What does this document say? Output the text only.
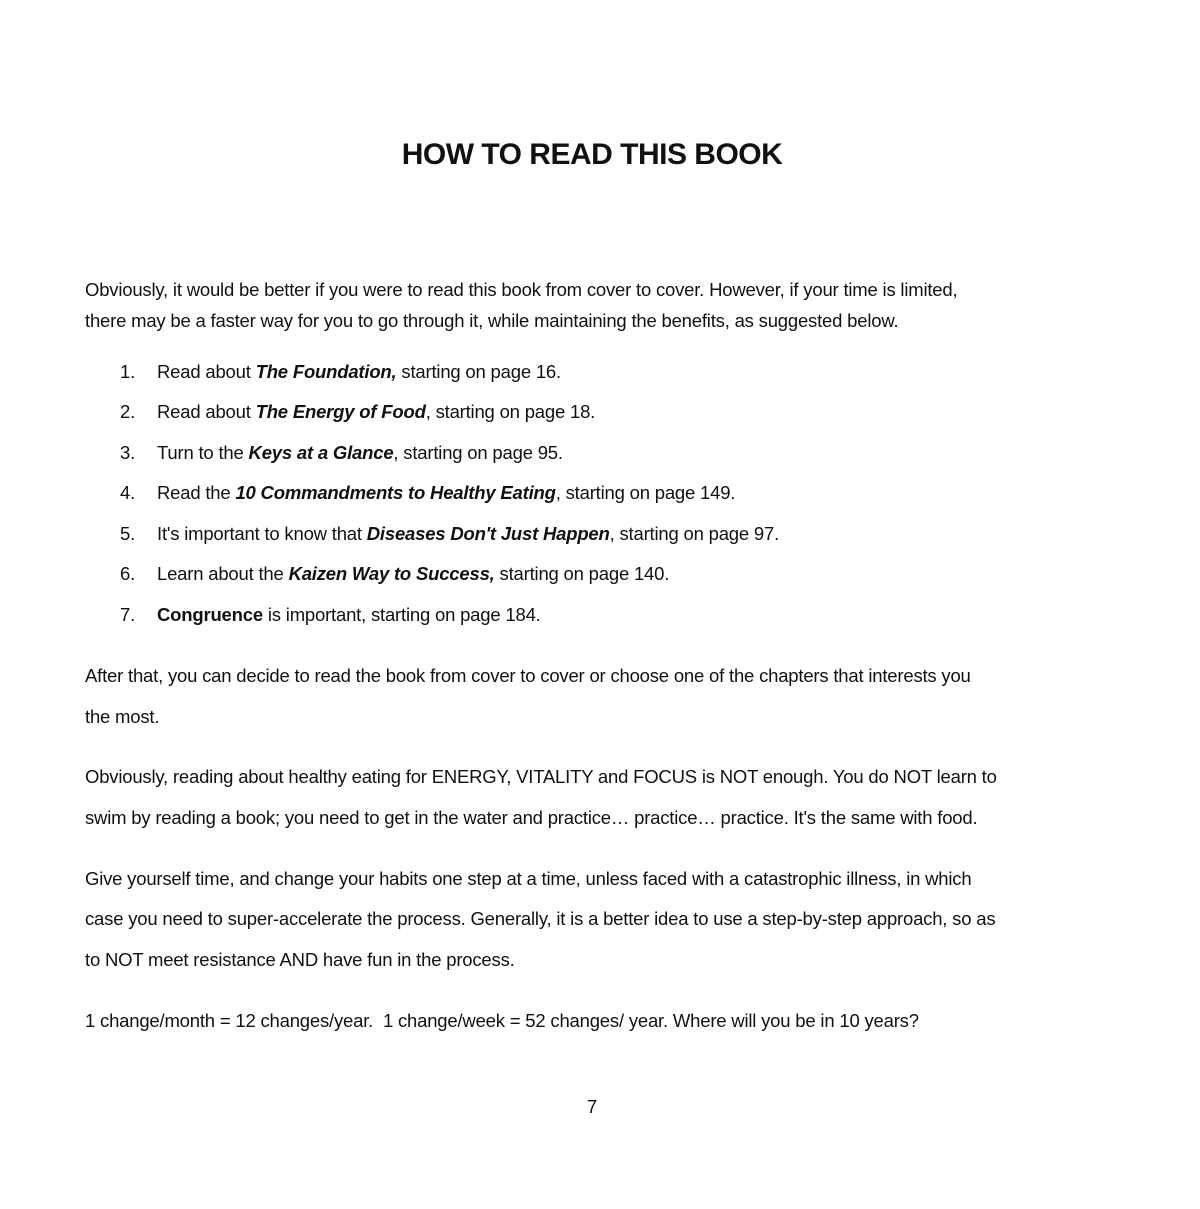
HOW TO READ THIS BOOK
Obviously, it would be better if you were to read this book from cover to cover. However, if your time is limited,
there may be a faster way for you to go through it, while maintaining the benefits, as suggested below.
1. Read about The Foundation, starting on page 16.
2. Read about The Energy of Food, starting on page 18.
3. Turn to the Keys at a Glance, starting on page 95.
4. Read the 10 Commandments to Healthy Eating, starting on page 149.
5. It's important to know that Diseases Don't Just Happen, starting on page 97.
6. Learn about the Kaizen Way to Success, starting on page 140.
7. Congruence is important, starting on page 184.
After that, you can decide to read the book from cover to cover or choose one of the chapters that interests you
the most.
Obviously, reading about healthy eating for ENERGY, VITALITY and FOCUS is NOT enough. You do NOT learn to
swim by reading a book; you need to get in the water and practice… practice… practice. It's the same with food.
Give yourself time, and change your habits one step at a time, unless faced with a catastrophic illness, in which
case you need to super-accelerate the process. Generally, it is a better idea to use a step-by-step approach, so as
to NOT meet resistance AND have fun in the process.
1 change/month = 12 changes/year.  1 change/week = 52 changes/ year. Where will you be in 10 years?
7
